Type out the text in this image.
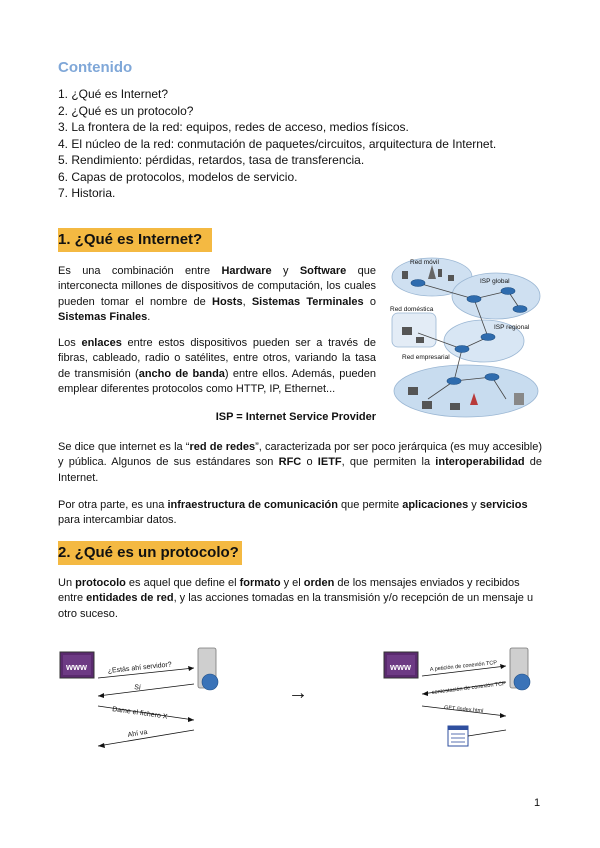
Contenido
1. ¿Qué es Internet?
2. ¿Qué es un protocolo?
3. La frontera de la red: equipos, redes de acceso, medios físicos.
4. El núcleo de la red: conmutación de paquetes/circuitos, arquitectura de Internet.
5. Rendimiento: pérdidas, retardos, tasa de transferencia.
6. Capas de protocolos, modelos de servicio.
7. Historia.
1. ¿Qué es Internet?

Es una combinación entre Hardware y Software que interconecta millones de dispositivos de computación, los cuales pueden tomar el nombre de Hosts, Sistemas Terminales o Sistemas Finales.

Los enlaces entre estos dispositivos pueden ser a través de fibras, cableado, radio o satélites, entre otros, variando la tasa de transmisión (ancho de banda) entre ellos. Además, pueden emplear diferentes protocolos como HTTP, IP, Ethernet...

ISP = Internet Service Provider
Red móvil
ISP global
Red doméstica
ISP regional
Red empresarial

Se dice que internet es la “red de redes”, caracterizada por ser poco jerárquica (es muy accesible) y pública. Algunos de sus estándares son RFC o IETF, que permiten la interoperabilidad de Internet.

Por otra parte, es una infraestructura de comunicación que permite aplicaciones y servicios para intercambiar datos.

2. ¿Qué es un protocolo?

Un protocolo es aquel que define el formato y el orden de los mensajes enviados y recibidos entre entidades de red, y las acciones tomadas en la transmisión y/o recepción de un mensaje u otro suceso.

www	¿Estás ahí servidor?
Sí
Dame el fichero X
Ahí va
→
www	A petición de conexión TCP
contestación de conexión TCP
GET /index.html
1
